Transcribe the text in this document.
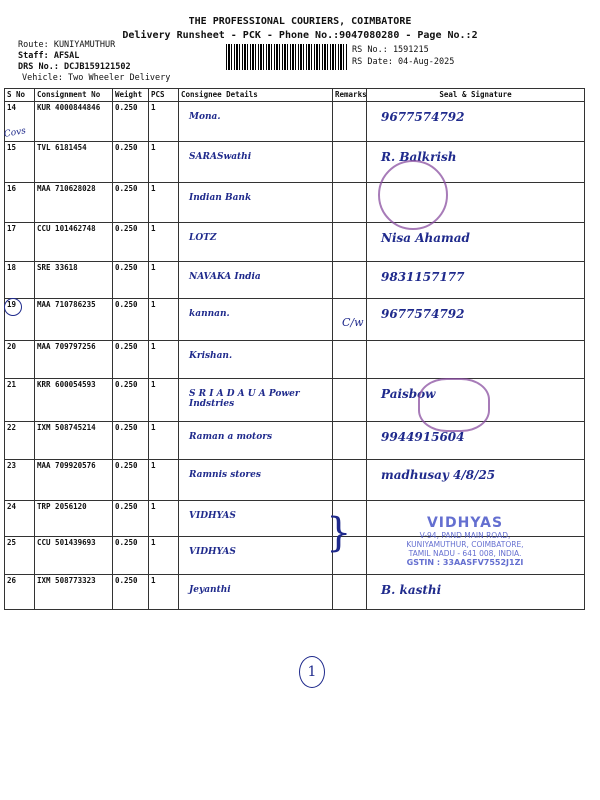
THE PROFESSIONAL COURIERS, COIMBATORE
Delivery Runsheet - PCK - Phone No.:9047080280 - Page No.:2
Route: KUNIYAMUTHUR
Staff: AFSAL
DRS No.: DCJB159121502
Vehicle: Two Wheeler Delivery
RS No.: 1591215
RS Date: 04-Aug-2025
S No	Consignment No	Weight	PCS	Consignee Details	Remarks	Seal & Signature
14	KUR 4000844846	0.250	1	Mona.		9677574792
15	TVL 6181454	0.250	1	SARASwathi		R. Balkrish
16	MAA 710628028	0.250	1	Indian Bank		
17	CCU 101462748	0.250	1	LOTZ		Nisa Ahamad
18	SRE 33618	0.250	1	NAVAKA India		9831157177
19	MAA 710786235	0.250	1	kannan.		9677574792
20	MAA 709797256	0.250	1	Krishan.		
21	KRR 600054593	0.250	1	S R I A D A U A Power Indstries		Paisbow
22	IXM 508745214	0.250	1	Raman a motors		9944915604
23	MAA 709920576	0.250	1	Ramnis stores		madhusay 4/8/25
24	TRP 2056120	0.250	1	VIDHYAS		
25	CCU 501439693	0.250	1	VIDHYAS		
26	IXM 508773323	0.250	1	Jeyanthi		B. kasthi
Covs
C/w
VIDHYAS
V-94, PAND MAIN ROAD,
KUNIYAMUTHUR, COIMBATORE,
TAMIL NADU - 641 008, INDIA.
GSTIN : 33AASFV7552J1ZI
}
1
